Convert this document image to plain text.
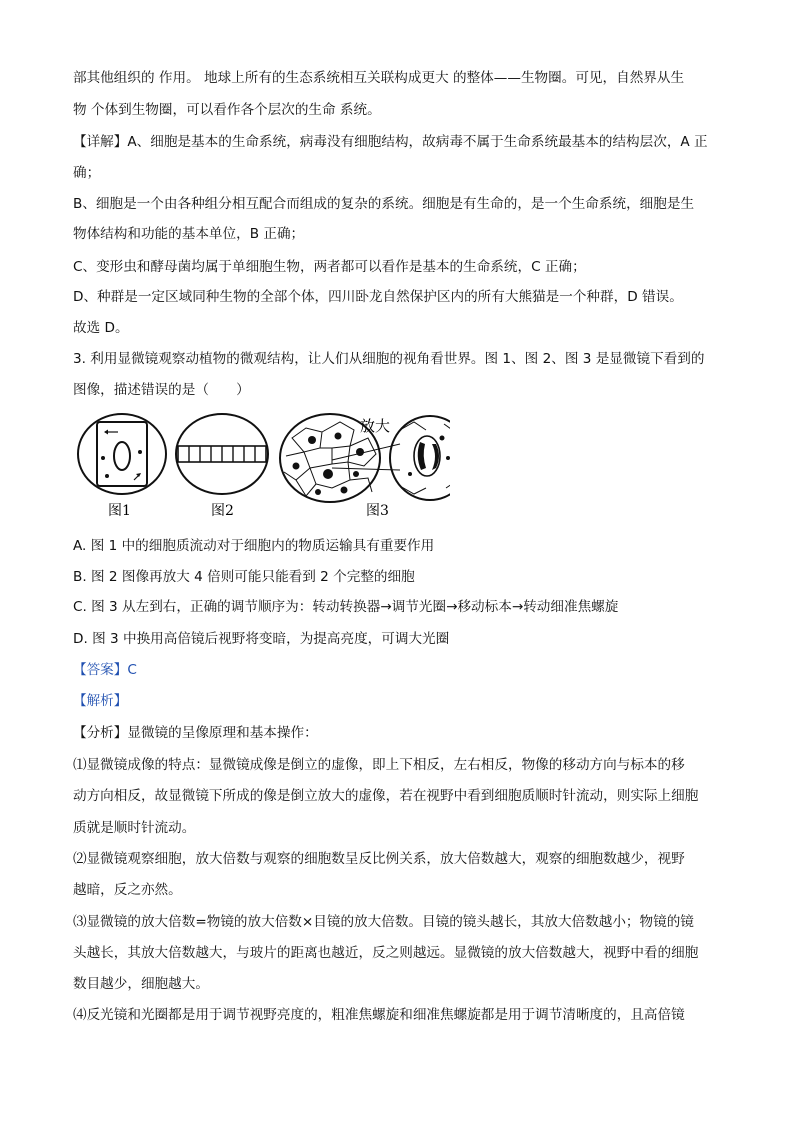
部其他组织的 作用。 地球上所有的生态系统相互关联构成更大 的整体——生物圈。可见，自然界从生
物 个体到生物圈，可以看作各个层次的生命 系统。
【详解】A、细胞是基本的生命系统，病毒没有细胞结构，故病毒不属于生命系统最基本的结构层次，A 正
确；
B、细胞是一个由各种组分相互配合而组成的复杂的系统。细胞是有生命的，是一个生命系统，细胞是生
物体结构和功能的基本单位，B 正确；
C、变形虫和酵母菌均属于单细胞生物，两者都可以看作是基本的生命系统，C 正确；
D、种群是一定区域同种生物的全部个体，四川卧龙自然保护区内的所有大熊猫是一个种群，D 错误。
故选 D。
3. 利用显微镜观察动植物的微观结构，让人们从细胞的视角看世界。图 1、图 2、图 3 是显微镜下看到的
图像，描述错误的是（　　）
图1	图2	图3
放大
A. 图 1 中的细胞质流动对于细胞内的物质运输具有重要作用
B. 图 2 图像再放大 4 倍则可能只能看到 2 个完整的细胞
C. 图 3 从左到右，正确的调节顺序为：转动转换器→调节光圈→移动标本→转动细准焦螺旋
D. 图 3 中换用高倍镜后视野将变暗，为提高亮度，可调大光圈
【答案】C
【解析】
【分析】显微镜的呈像原理和基本操作：
⑴显微镜成像的特点：显微镜成像是倒立的虚像，即上下相反，左右相反，物像的移动方向与标本的移
动方向相反，故显微镜下所成的像是倒立放大的虚像，若在视野中看到细胞质顺时针流动，则实际上细胞
质就是顺时针流动。
⑵显微镜观察细胞，放大倍数与观察的细胞数呈反比例关系，放大倍数越大，观察的细胞数越少，视野
越暗，反之亦然。
⑶显微镜的放大倍数=物镜的放大倍数×目镜的放大倍数。目镜的镜头越长，其放大倍数越小；物镜的镜
头越长，其放大倍数越大，与玻片的距离也越近，反之则越远。显微镜的放大倍数越大，视野中看的细胞
数目越少，细胞越大。
⑷反光镜和光圈都是用于调节视野亮度的，粗准焦螺旋和细准焦螺旋都是用于调节清晰度的，且高倍镜
